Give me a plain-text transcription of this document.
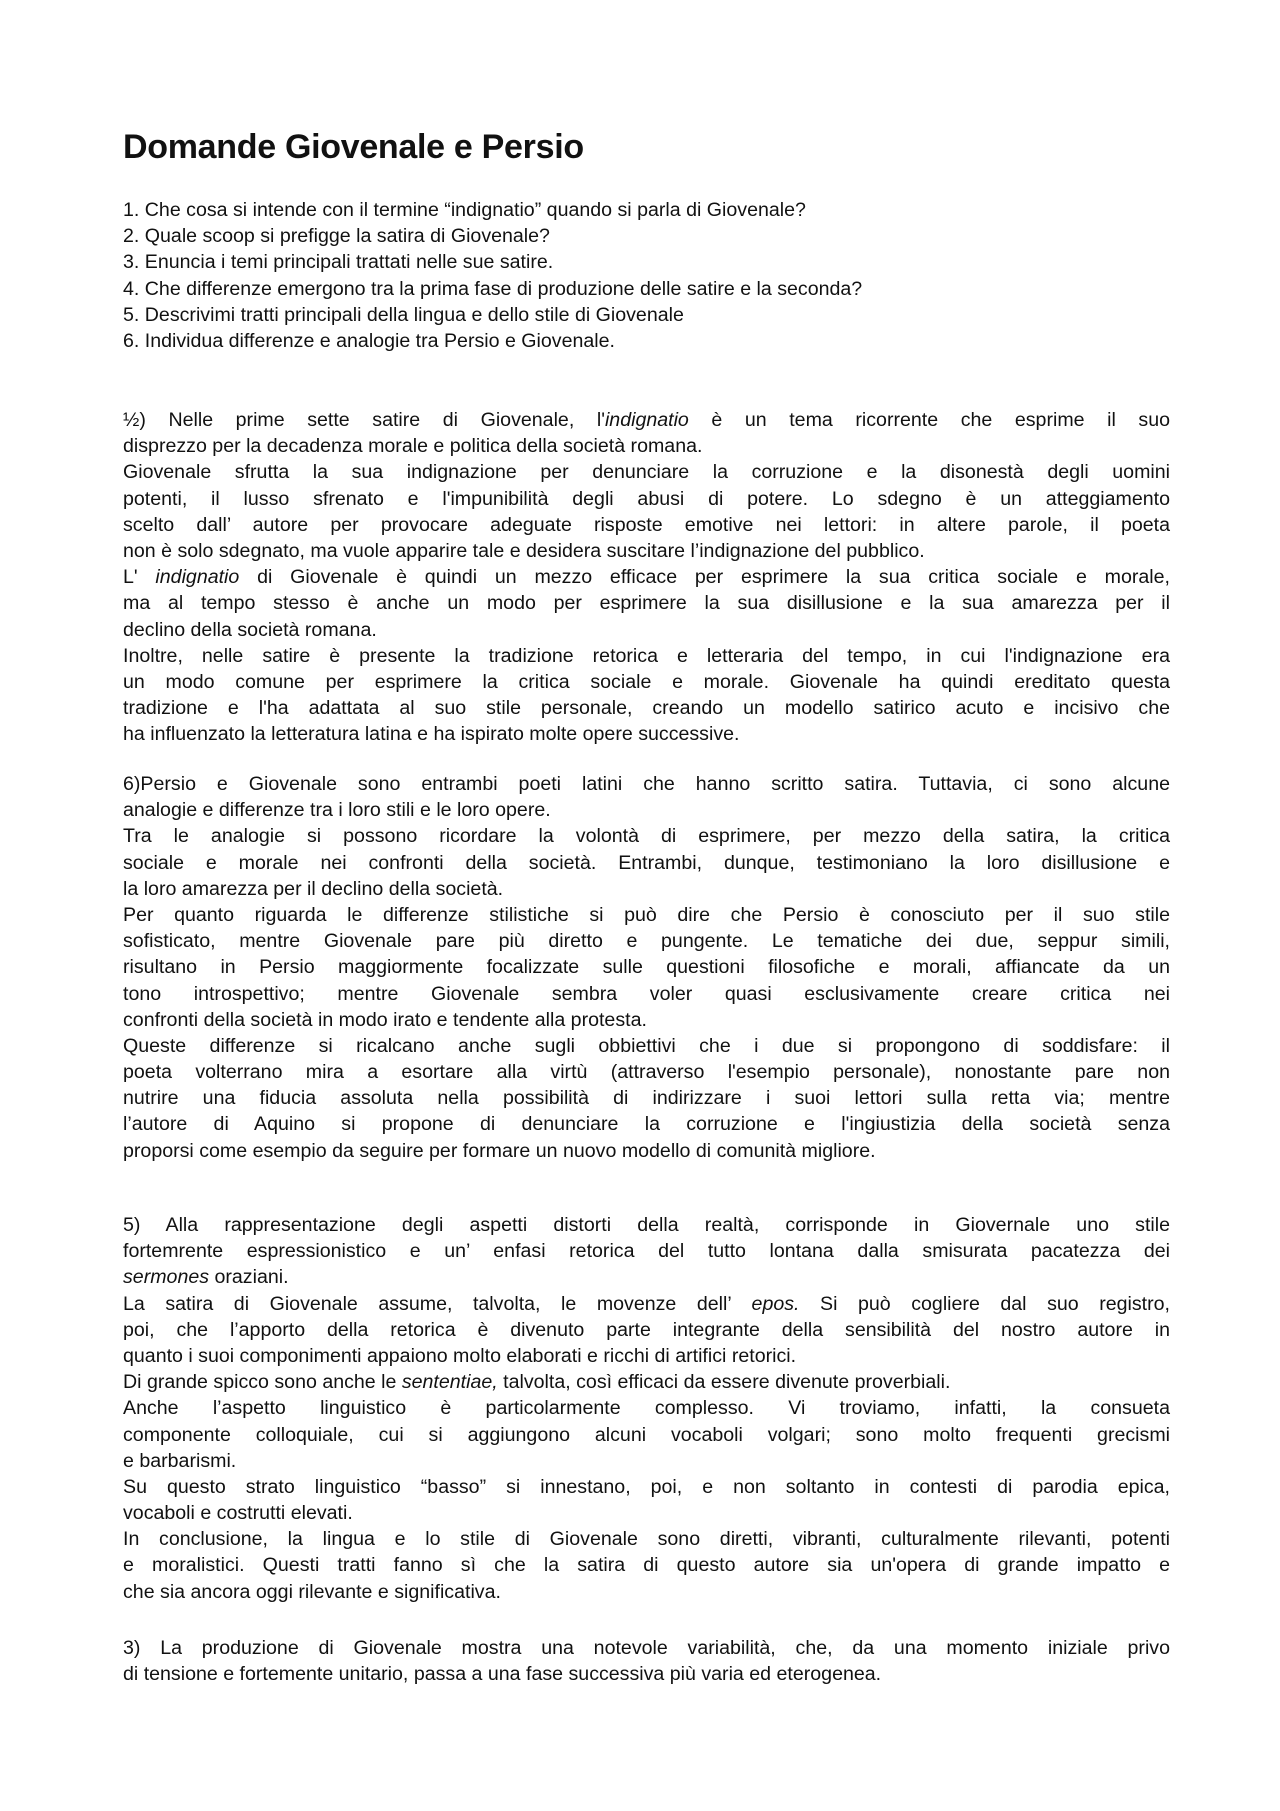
Domande Giovenale e Persio
1. Che cosa si intende con il termine “indignatio” quando si parla di Giovenale?
2. Quale scoop si prefigge la satira di Giovenale?
3. Enuncia i temi principali trattati nelle sue satire.
4. Che differenze emergono tra la prima fase di produzione delle satire e la seconda?
5. Descrivimi tratti principali della lingua e dello stile di Giovenale
6. Individua differenze e analogie tra Persio e Giovenale.
½) Nelle prime sette satire di Giovenale, l'indignatio è un tema ricorrente che esprime il suo
disprezzo per la decadenza morale e politica della società romana.
Giovenale sfrutta la sua indignazione per denunciare la corruzione e la disonestà degli uomini
potenti, il lusso sfrenato e l'impunibilità degli abusi di potere. Lo sdegno è un atteggiamento
scelto dall’ autore per provocare adeguate risposte emotive nei lettori: in altere parole, il poeta
non è solo sdegnato, ma vuole apparire tale e desidera suscitare l’indignazione del pubblico.
L' indignatio di Giovenale è quindi un mezzo efficace per esprimere la sua critica sociale e morale,
ma al tempo stesso è anche un modo per esprimere la sua disillusione e la sua amarezza per il
declino della società romana.
Inoltre, nelle satire è presente la tradizione retorica e letteraria del tempo, in cui l'indignazione era
un modo comune per esprimere la critica sociale e morale. Giovenale ha quindi ereditato questa
tradizione e l'ha adattata al suo stile personale, creando un modello satirico acuto e incisivo che
ha influenzato la letteratura latina e ha ispirato molte opere successive.
6)Persio e Giovenale sono entrambi poeti latini che hanno scritto satira. Tuttavia, ci sono alcune
analogie e differenze tra i loro stili e le loro opere.
Tra le analogie si possono ricordare la volontà di esprimere, per mezzo della satira, la critica
sociale e morale nei confronti della società. Entrambi, dunque, testimoniano la loro disillusione e
la loro amarezza per il declino della società.
Per quanto riguarda le differenze stilistiche si può dire che Persio è conosciuto per il suo stile
sofisticato, mentre Giovenale pare più diretto e pungente. Le tematiche dei due, seppur simili,
risultano in Persio maggiormente focalizzate sulle questioni filosofiche e morali, affiancate da un
tono introspettivo; mentre Giovenale sembra voler quasi esclusivamente creare critica nei
confronti della società in modo irato e tendente alla protesta.
Queste differenze si ricalcano anche sugli obbiettivi che i due si propongono di soddisfare: il
poeta volterrano mira a esortare alla virtù (attraverso l'esempio personale), nonostante pare non
nutrire una fiducia assoluta nella possibilità di indirizzare i suoi lettori sulla retta via; mentre
l’autore di Aquino si propone di denunciare la corruzione e l'ingiustizia della società senza
proporsi come esempio da seguire per formare un nuovo modello di comunità migliore.
5) Alla rappresentazione degli aspetti distorti della realtà, corrisponde in Giovernale uno stile
fortemrente espressionistico e un’ enfasi retorica del tutto lontana dalla smisurata pacatezza dei
sermones oraziani.
La satira di Giovenale assume, talvolta, le movenze dell’ epos. Si può cogliere dal suo registro,
poi, che l’apporto della retorica è divenuto parte integrante della sensibilità del nostro autore in
quanto i suoi componimenti appaiono molto elaborati e ricchi di artifici retorici.
Di grande spicco sono anche le sententiae, talvolta, così efficaci da essere divenute proverbiali.
Anche l’aspetto linguistico è particolarmente complesso. Vi troviamo, infatti, la consueta
componente colloquiale, cui si aggiungono alcuni vocaboli volgari; sono molto frequenti grecismi
e barbarismi.
Su questo strato linguistico “basso” si innestano, poi, e non soltanto in contesti di parodia epica,
vocaboli e costrutti elevati.
In conclusione, la lingua e lo stile di Giovenale sono diretti, vibranti, culturalmente rilevanti, potenti
e moralistici. Questi tratti fanno sì che la satira di questo autore sia un'opera di grande impatto e
che sia ancora oggi rilevante e significativa.
3) La produzione di Giovenale mostra una notevole variabilità, che, da una momento iniziale privo
di tensione e fortemente unitario, passa a una fase successiva più varia ed eterogenea.
